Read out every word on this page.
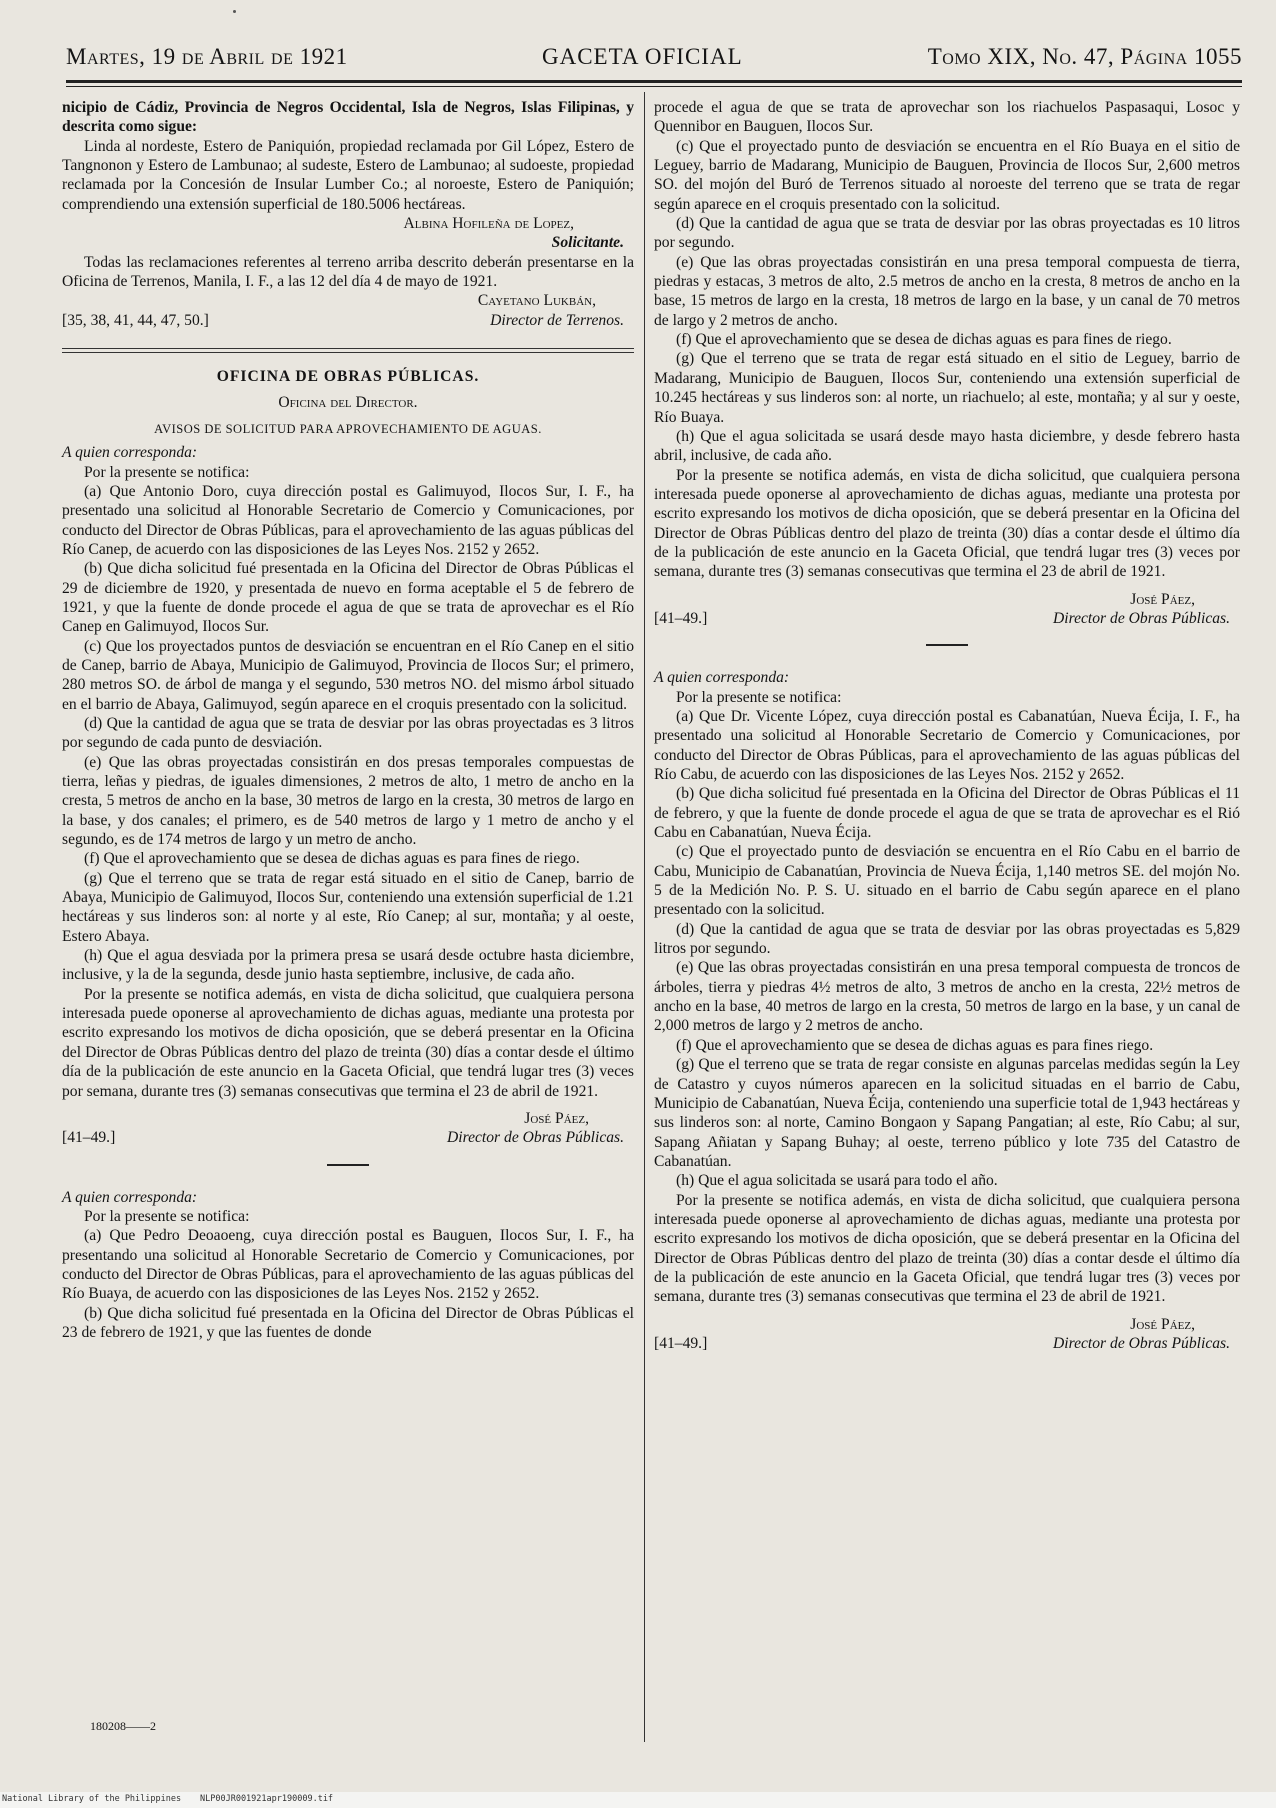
Martes, 19 de Abril de 1921	GACETA OFICIAL	Tomo XIX, No. 47, Página 1055

nicipio de Cádiz, Provincia de Negros Occidental, Isla de Negros, Islas Filipinas, y descrita como sigue:

Linda al nordeste, Estero de Paniquión, propiedad reclamada por Gil López, Estero de Tangnonon y Estero de Lambunao; al sudeste, Estero de Lambunao; al sudoeste, propiedad reclamada por la Concesión de Insular Lumber Co.; al noroeste, Estero de Paniquión; comprendiendo una extensión superficial de 180.5006 hectáreas.

Albina Hofileña de Lopez,
Solicitante.

Todas las reclamaciones referentes al terreno arriba descrito deberán presentarse en la Oficina de Terrenos, Manila, I. F., a las 12 del día 4 de mayo de 1921.

Cayetano Lukbán,
[35, 38, 41, 44, 47, 50.]	Director de Terrenos.

OFICINA DE OBRAS PÚBLICAS.

Oficina del Director.

AVISOS DE SOLICITUD PARA APROVECHAMIENTO DE AGUAS.

A quien corresponda:

Por la presente se notifica:

(a) Que Antonio Doro, cuya dirección postal es Galimuyod, Ilocos Sur, I. F., ha presentado una solicitud al Honorable Secretario de Comercio y Comunicaciones, por conducto del Director de Obras Públicas, para el aprovechamiento de las aguas públicas del Río Canep, de acuerdo con las disposiciones de las Leyes Nos. 2152 y 2652.

(b) Que dicha solicitud fué presentada en la Oficina del Director de Obras Públicas el 29 de diciembre de 1920, y presentada de nuevo en forma aceptable el 5 de febrero de 1921, y que la fuente de donde procede el agua de que se trata de aprovechar es el Río Canep en Galimuyod, Ilocos Sur.

(c) Que los proyectados puntos de desviación se encuentran en el Río Canep en el sitio de Canep, barrio de Abaya, Municipio de Galimuyod, Provincia de Ilocos Sur; el primero, 280 metros SO. de árbol de manga y el segundo, 530 metros NO. del mismo árbol situado en el barrio de Abaya, Galimuyod, según aparece en el croquis presentado con la solicitud.

(d) Que la cantidad de agua que se trata de desviar por las obras proyectadas es 3 litros por segundo de cada punto de desviación.

(e) Que las obras proyectadas consistirán en dos presas temporales compuestas de tierra, leñas y piedras, de iguales dimensiones, 2 metros de alto, 1 metro de ancho en la cresta, 5 metros de ancho en la base, 30 metros de largo en la cresta, 30 metros de largo en la base, y dos canales; el primero, es de 540 metros de largo y 1 metro de ancho y el segundo, es de 174 metros de largo y un metro de ancho.

(f) Que el aprovechamiento que se desea de dichas aguas es para fines de riego.

(g) Que el terreno que se trata de regar está situado en el sitio de Canep, barrio de Abaya, Municipio de Galimuyod, Ilocos Sur, conteniendo una extensión superficial de 1.21 hectáreas y sus linderos son: al norte y al este, Río Canep; al sur, montaña; y al oeste, Estero Abaya.

(h) Que el agua desviada por la primera presa se usará desde octubre hasta diciembre, inclusive, y la de la segunda, desde junio hasta septiembre, inclusive, de cada año.

Por la presente se notifica además, en vista de dicha solicitud, que cualquiera persona interesada puede oponerse al aprovechamiento de dichas aguas, mediante una protesta por escrito expresando los motivos de dicha oposición, que se deberá presentar en la Oficina del Director de Obras Públicas dentro del plazo de treinta (30) días a contar desde el último día de la publicación de este anuncio en la Gaceta Oficial, que tendrá lugar tres (3) veces por semana, durante tres (3) semanas consecutivas que termina el 23 de abril de 1921.

José Páez,
[41–49.]	Director de Obras Públicas.

A quien corresponda:

Por la presente se notifica:

(a) Que Pedro Deoaoeng, cuya dirección postal es Bauguen, Ilocos Sur, I. F., ha presentando una solicitud al Honorable Secretario de Comercio y Comunicaciones, por conducto del Director de Obras Públicas, para el aprovechamiento de las aguas públicas del Río Buaya, de acuerdo con las disposiciones de las Leyes Nos. 2152 y 2652.

(b) Que dicha solicitud fué presentada en la Oficina del Director de Obras Públicas el 23 de febrero de 1921, y que las fuentes de donde

180208——2

procede el agua de que se trata de aprovechar son los riachuelos Paspasaqui, Losoc y Quennibor en Bauguen, Ilocos Sur.

(c) Que el proyectado punto de desviación se encuentra en el Río Buaya en el sitio de Leguey, barrio de Madarang, Municipio de Bauguen, Provincia de Ilocos Sur, 2,600 metros SO. del mojón del Buró de Terrenos situado al noroeste del terreno que se trata de regar según aparece en el croquis presentado con la solicitud.

(d) Que la cantidad de agua que se trata de desviar por las obras proyectadas es 10 litros por segundo.

(e) Que las obras proyectadas consistirán en una presa temporal compuesta de tierra, piedras y estacas, 3 metros de alto, 2.5 metros de ancho en la cresta, 8 metros de ancho en la base, 15 metros de largo en la cresta, 18 metros de largo en la base, y un canal de 70 metros de largo y 2 metros de ancho.

(f) Que el aprovechamiento que se desea de dichas aguas es para fines de riego.

(g) Que el terreno que se trata de regar está situado en el sitio de Leguey, barrio de Madarang, Municipio de Bauguen, Ilocos Sur, conteniendo una extensión superficial de 10.245 hectáreas y sus linderos son: al norte, un riachuelo; al este, montaña; y al sur y oeste, Río Buaya.

(h) Que el agua solicitada se usará desde mayo hasta diciembre, y desde febrero hasta abril, inclusive, de cada año.

Por la presente se notifica además, en vista de dicha solicitud, que cualquiera persona interesada puede oponerse al aprovechamiento de dichas aguas, mediante una protesta por escrito expresando los motivos de dicha oposición, que se deberá presentar en la Oficina del Director de Obras Públicas dentro del plazo de treinta (30) días a contar desde el último día de la publicación de este anuncio en la Gaceta Oficial, que tendrá lugar tres (3) veces por semana, durante tres (3) semanas consecutivas que termina el 23 de abril de 1921.

José Páez,
[41–49.]	Director de Obras Públicas.

A quien corresponda:

Por la presente se notifica:

(a) Que Dr. Vicente López, cuya dirección postal es Cabanatúan, Nueva Écija, I. F., ha presentado una solicitud al Honorable Secretario de Comercio y Comunicaciones, por conducto del Director de Obras Públicas, para el aprovechamiento de las aguas públicas del Río Cabu, de acuerdo con las disposiciones de las Leyes Nos. 2152 y 2652.

(b) Que dicha solicitud fué presentada en la Oficina del Director de Obras Públicas el 11 de febrero, y que la fuente de donde procede el agua de que se trata de aprovechar es el Rió Cabu en Cabanatúan, Nueva Écija.

(c) Que el proyectado punto de desviación se encuentra en el Río Cabu en el barrio de Cabu, Municipio de Cabanatúan, Provincia de Nueva Écija, 1,140 metros SE. del mojón No. 5 de la Medición No. P. S. U. situado en el barrio de Cabu según aparece en el plano presentado con la solicitud.

(d) Que la cantidad de agua que se trata de desviar por las obras proyectadas es 5,829 litros por segundo.

(e) Que las obras proyectadas consistirán en una presa temporal compuesta de troncos de árboles, tierra y piedras 4½ metros de alto, 3 metros de ancho en la cresta, 22½ metros de ancho en la base, 40 metros de largo en la cresta, 50 metros de largo en la base, y un canal de 2,000 metros de largo y 2 metros de ancho.

(f) Que el aprovechamiento que se desea de dichas aguas es para fines riego.

(g) Que el terreno que se trata de regar consiste en algunas parcelas medidas según la Ley de Catastro y cuyos números aparecen en la solicitud situadas en el barrio de Cabu, Municipio de Cabanatúan, Nueva Écija, conteniendo una superficie total de 1,943 hectáreas y sus linderos son: al norte, Camino Bongaon y Sapang Pangatian; al este, Río Cabu; al sur, Sapang Añiatan y Sapang Buhay; al oeste, terreno público y lote 735 del Catastro de Cabanatúan.

(h) Que el agua solicitada se usará para todo el año.

Por la presente se notifica además, en vista de dicha solicitud, que cualquiera persona interesada puede oponerse al aprovechamiento de dichas aguas, mediante una protesta por escrito expresando los motivos de dicha oposición, que se deberá presentar en la Oficina del Director de Obras Públicas dentro del plazo de treinta (30) días a contar desde el último día de la publicación de este anuncio en la Gaceta Oficial, que tendrá lugar tres (3) veces por semana, durante tres (3) semanas consecutivas que termina el 23 de abril de 1921.

José Páez,
[41–49.]	Director de Obras Públicas.
National Library of the Philippines NLP00JR001921apr190009.tif
